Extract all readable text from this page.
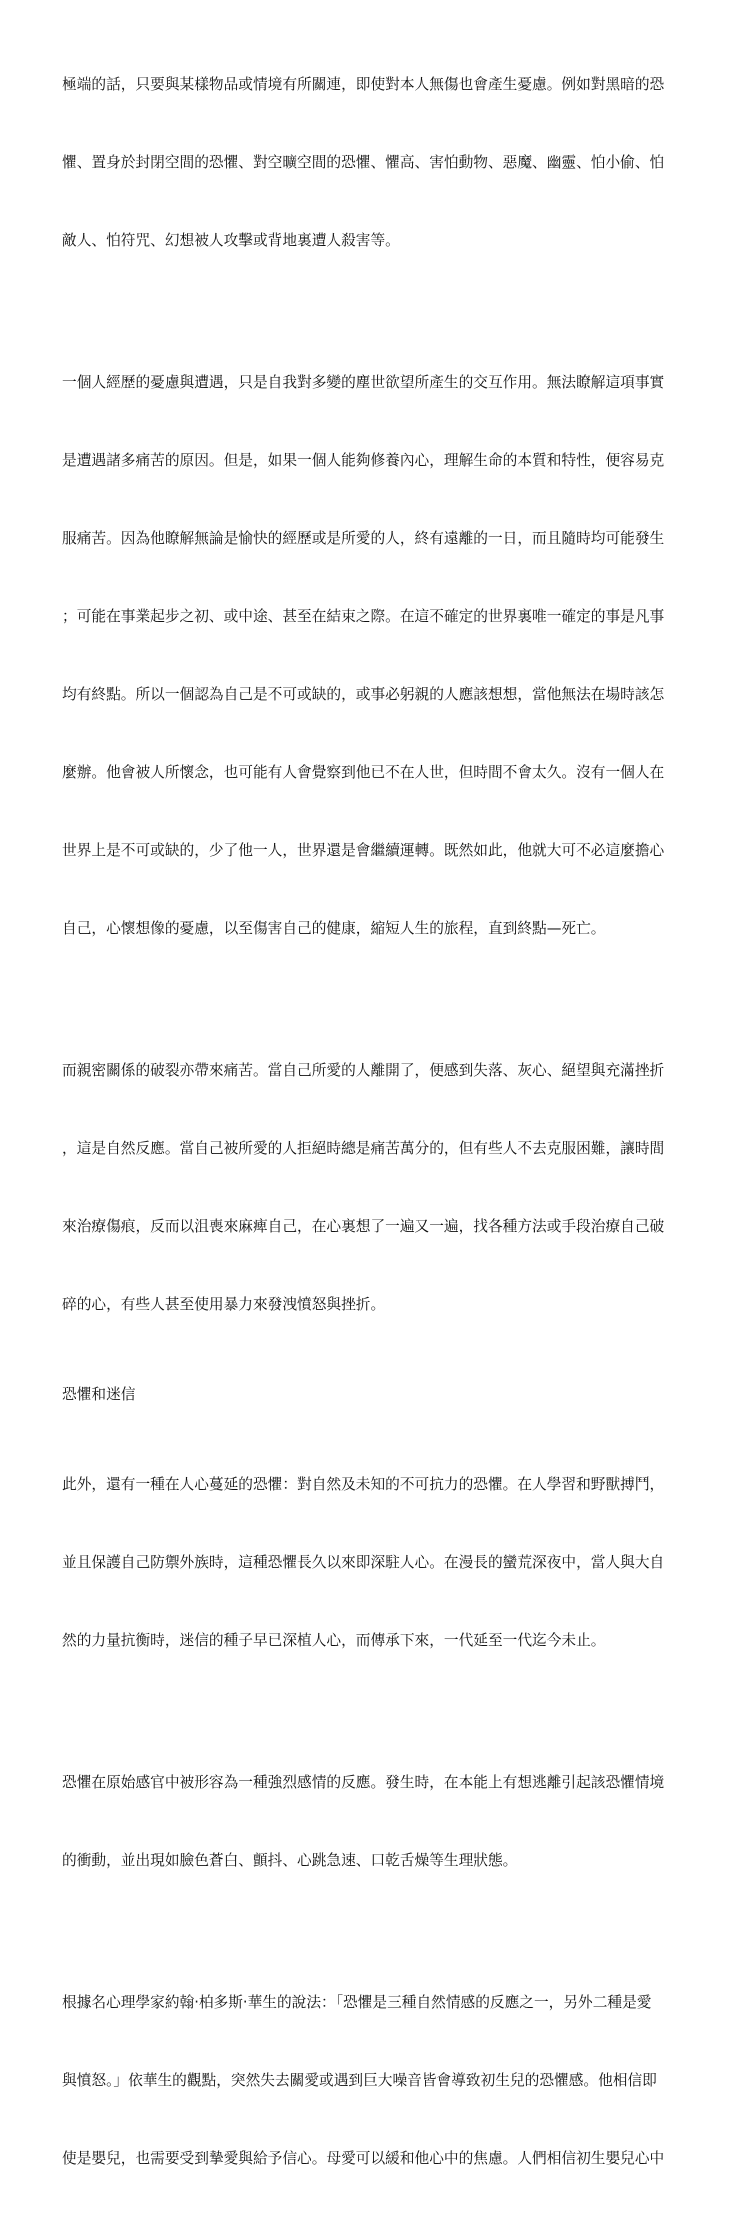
極端的話，只要與某樣物品或情境有所關連，即使對本人無傷也會產生憂慮。例如對黑暗的恐

懼、置身於封閉空間的恐懼、對空曠空間的恐懼、懼高、害怕動物、惡魔、幽靈、怕小偷、怕

敵人、怕符咒、幻想被人攻擊或背地裏遭人殺害等。

一個人經歷的憂慮與遭遇，只是自我對多變的塵世欲望所產生的交互作用。無法瞭解這項事實

是遭遇諸多痛苦的原因。但是，如果一個人能夠修養內心，理解生命的本質和特性，便容易克

服痛苦。因為他瞭解無論是愉快的經歷或是所愛的人，終有遠離的一日，而且隨時均可能發生

；可能在事業起步之初、或中途、甚至在結束之際。在這不確定的世界裏唯一確定的事是凡事

均有終點。所以一個認為自己是不可或缺的，或事必躬親的人應該想想，當他無法在場時該怎

麼辦。他會被人所懷念，也可能有人會覺察到他已不在人世，但時間不會太久。沒有一個人在

世界上是不可或缺的，少了他一人，世界還是會繼續運轉。既然如此，他就大可不必這麼擔心

自己，心懷想像的憂慮，以至傷害自己的健康，縮短人生的旅程，直到終點—死亡。

而親密關係的破裂亦帶來痛苦。當自己所愛的人離開了，便感到失落、灰心、絕望與充滿挫折

，這是自然反應。當自己被所愛的人拒絕時總是痛苦萬分的，但有些人不去克服困難，讓時間

來治療傷痕，反而以沮喪來麻痺自己，在心裏想了一遍又一遍，找各種方法或手段治療自己破

碎的心，有些人甚至使用暴力來發洩憤怒與挫折。

恐懼和迷信

此外，還有一種在人心蔓延的恐懼：對自然及未知的不可抗力的恐懼。在人學習和野獸搏鬥，

並且保護自己防禦外族時，這種恐懼長久以來即深駐人心。在漫長的蠻荒深夜中，當人與大自

然的力量抗衡時，迷信的種子早已深植人心，而傳承下來，一代延至一代迄今未止。

恐懼在原始感官中被形容為一種強烈感情的反應。發生時，在本能上有想逃離引起該恐懼情境

的衝動，並出現如臉色蒼白、顫抖、心跳急速、口乾舌燥等生理狀態。

根據名心理學家約翰·柏多斯·華生的說法：「恐懼是三種自然情感的反應之一，另外二種是愛

與憤怒。」依華生的觀點，突然失去關愛或遇到巨大噪音皆會導致初生兒的恐懼感。他相信即

使是嬰兒，也需要受到摯愛與給予信心。母愛可以緩和他心中的焦慮。人們相信初生嬰兒心中
